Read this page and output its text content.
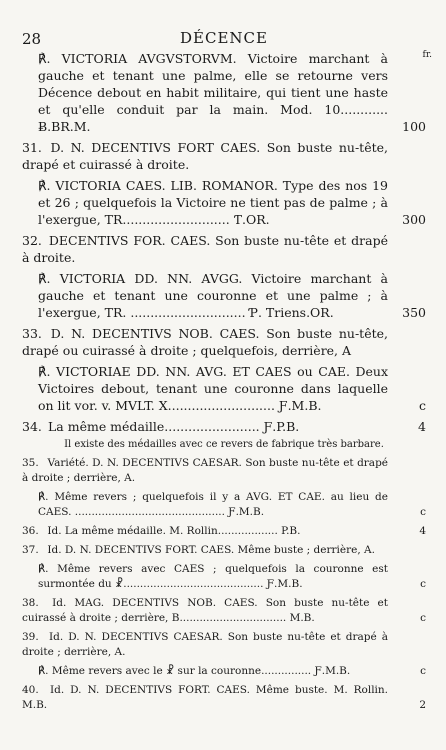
28	DÉCENCE
fr.
℟. VICTORIA AVGVSTORVM. Victoire marchant à gauche et tenant une palme, elle se retourne vers Décence debout en habit militaire, qui tient une haste et qu'elle conduit par la main. Mod. 10............ Ƀ.BR.M.	100
31. D. N. DECENTIVS FORT CAES. Son buste nu-tête, drapé et cuirassé à droite.
℟. VICTORIA CAES. LIB. ROMANOR. Type des nos 19 et 26 ; quelquefois la Victoire ne tient pas de palme ; à l'exergue, TR........................... Ƭ.OR.	300
32. DECENTIVS FOR. CAES. Son buste nu-tête et drapé à droite.
℟. VICTORIA DD. NN. AVGG. Victoire marchant à gauche et tenant une couronne et une palme ; à l'exergue, TR. ............................. Ƥ. Triens.OR.	350
33. D. N. DECENTIVS NOB. CAES. Son buste nu-tête, drapé ou cuirassé à droite ; quelquefois, derrière, A
℟. VICTORIAE DD. NN. AVG. ET CAES ou CAE. Deux Victoires debout, tenant une couronne dans laquelle on lit vor. v. MVLT. X........................... Ƒ.M.B.	c
34. La même médaille........................ Ƒ.P.B.	4
Il existe des médailles avec ce revers de fabrique très barbare.
35. Variété. D. N. DECENTIVS CAESAR. Son buste nu-tête et drapé à droite ; derrière, A.
℟. Même revers ; quelquefois il y a AVG. ET CAE. au lieu de CAES. ............................................. Ƒ.M.B.	c
36. Id. La même médaille. M. Rollin.................. P.B.	4
37. Id. D. N. DECENTIVS FORT. CAES. Même buste ; derrière, A.
℟. Même revers avec CAES ; quelquefois la couronne est surmontée du ☧.......................................... Ƒ.M.B.	c
38. Id. MAG. DECENTIVS NOB. CAES. Son buste nu-tête et cuirassé à droite ; derrière, B................................ M.B.	c
39. Id. D. N. DECENTIVS CAESAR. Son buste nu-tête et drapé à droite ; derrière, A.
℟. Même revers avec le ☧ sur la couronne............... Ƒ.M.B.	c
40. Id. D. N. DECENTIVS FORT. CAES. Même buste. M. Rollin. M.B.	2
